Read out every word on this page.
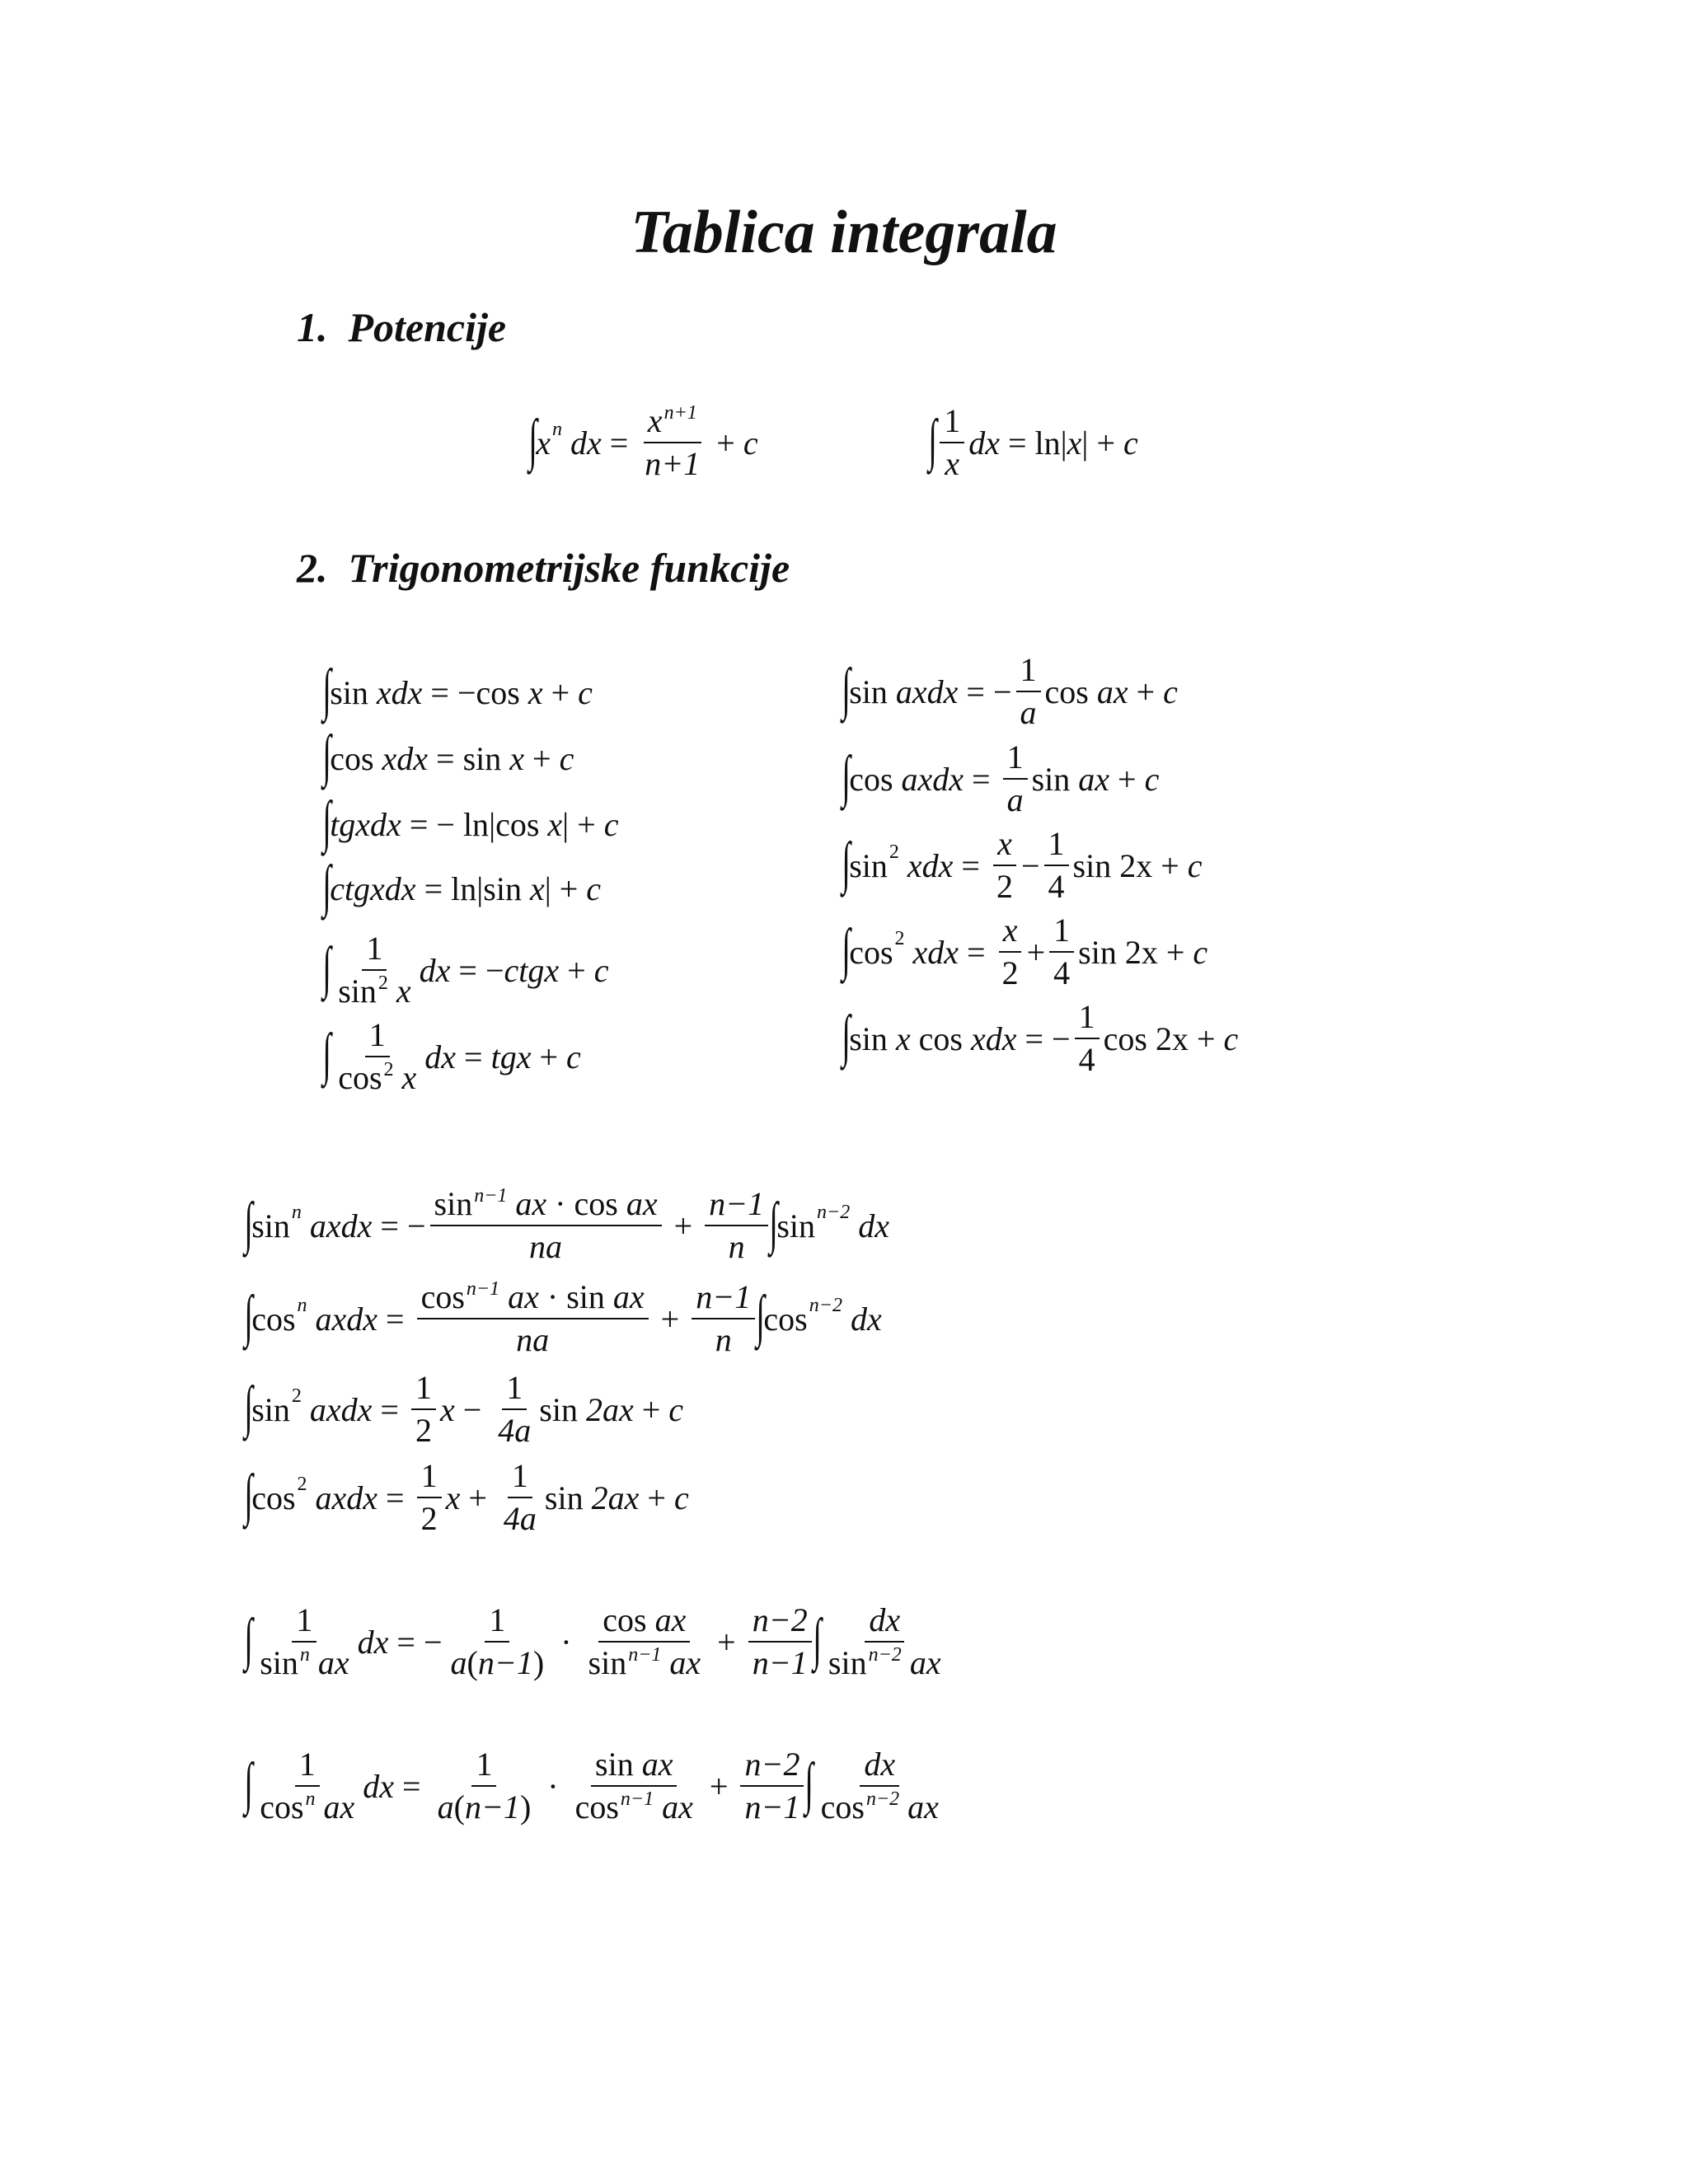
Tablica integrala
1. Potencije
∫
x $^n$ dx = $\frac{x^{n+1}}{n+1} + c$	∫ $\frac{1}{x}$ dx = ln | x | + c
2. Trigonometrijske funkcije
∫
sin xdx = − cos x + c
∫
cos xdx = sin x + c
∫
tgxdx = − ln | cos x | + c
∫
ctgxdx = ln | sin x | + c
∫ $\frac{1}{\sin^2 x}$ dx = − ctgx + c
∫ $\frac{1}{\cos^2 x}$ dx = tgx + c
∫
sin axdx = − $\frac{1}{a}$ cos ax + c
∫
cos axdx = $\frac{1}{a}$ sin ax + c
∫
$\sin^2$ xdx = $\frac{x}{2} - \frac{1}{4}$ sin 2x + c
∫
$\cos^2$ xdx = $\frac{x}{2} + \frac{1}{4}$ sin 2x + c
∫
sin x cos xdx = − $\frac{1}{4}$ cos 2x + c
∫
sin $^n$ axdx = − $\frac{\sin^{n-1} ax \cdot \cos ax}{na} + \frac{n-1}{n}$ ∫
sin $^{n-2}$ dx
∫
cos $^n$ axdx = $\frac{\cos^{n-1} ax \cdot \sin ax}{na} + \frac{n-1}{n}$ ∫
cos $^{n-2}$ dx
∫
$\sin^2$ axdx = $\frac{1}{2}$ $x - \frac{1}{4a}$ sin 2ax + c
∫
$\cos^2$ axdx = $\frac{1}{2}$ $x + \frac{1}{4a}$ sin 2ax + c
∫ $\frac{1}{\sin^n ax}$ dx = − $\frac{1}{a(n-1)} \cdot \frac{\text{cos ax}}{\sin^{n-1} ax} + \frac{n-2}{n-1}$ ∫ $\frac{dx}{\sin^{n-2} ax}$
∫ $\frac{1}{\cos^n ax}$ dx = $\frac{1}{a(n-1)} \cdot \frac{\text{sin ax}}{\cos^{n-1} ax} + \frac{n-2}{n-1}$ ∫ $\frac{dx}{\cos^{n-2} ax}$
